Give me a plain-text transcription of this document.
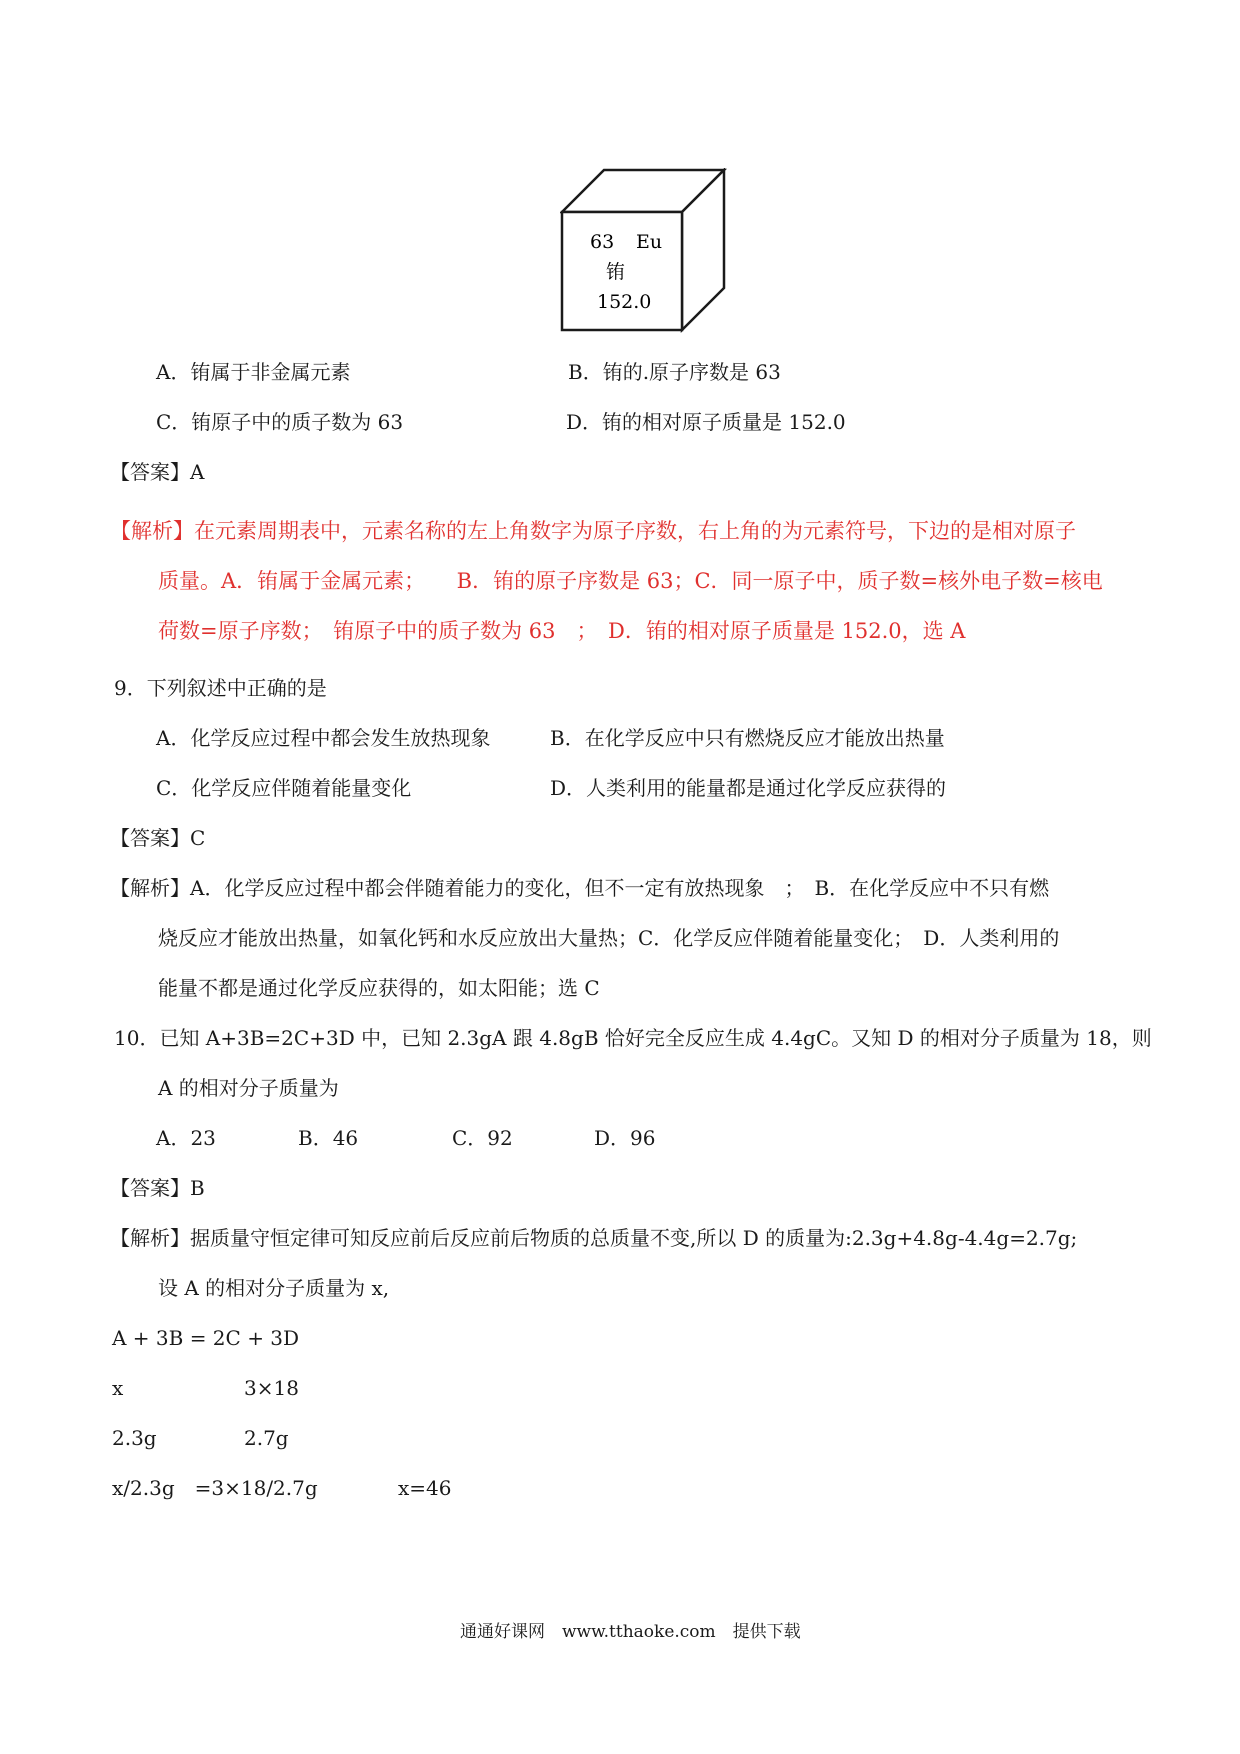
63 Eu
铕
152.0
A．铕属于非金属元素	B．铕的.原子序数是 63
C．铕原子中的质子数为 63	D．铕的相对原子质量是 152.0
【答案】A
【解析】在元素周期表中，元素名称的左上角数字为原子序数，右上角的为元素符号，下边的是相对原子
质量。A．铕属于金属元素；　　B．铕的原子序数是 63；C．同一原子中，质子数=核外电子数=核电
荷数=原子序数；　铕原子中的质子数为 63　；　D．铕的相对原子质量是 152.0，选 A
9．下列叙述中正确的是
A．化学反应过程中都会发生放热现象	B．在化学反应中只有燃烧反应才能放出热量
C．化学反应伴随着能量变化	D．人类利用的能量都是通过化学反应获得的
【答案】C
【解析】A．化学反应过程中都会伴随着能力的变化，但不一定有放热现象　；　B．在化学反应中不只有燃
烧反应才能放出热量，如氧化钙和水反应放出大量热；C．化学反应伴随着能量变化；　D．人类利用的
能量不都是通过化学反应获得的，如太阳能；选 C
10．已知 A+3B=2C+3D 中，已知 2.3gA 跟 4.8gB 恰好完全反应生成 4.4gC。又知 D 的相对分子质量为 18，则
A 的相对分子质量为
A．23	B．46	C．92	D．96
【答案】B
【解析】据质量守恒定律可知反应前后反应前后物质的总质量不变,所以 D 的质量为:2.3g+4.8g-4.4g=2.7g;
设 A 的相对分子质量为 x,
A + 3B = 2C + 3D
x	3×18
2.3g	2.7g
x/2.3g　=3×18/2.7g	x=46
通通好课网　www.tthaoke.com　提供下载
